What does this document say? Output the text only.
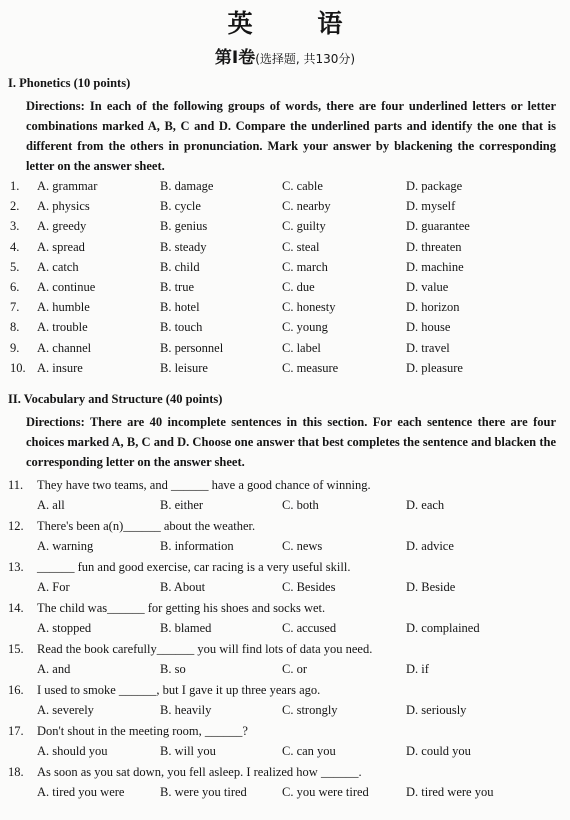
英 语
第Ⅰ卷(选择题, 共130分)
I. Phonetics (10 points)
Directions: In each of the following groups of words, there are four underlined letters or letter combinations marked A, B, C and D. Compare the underlined parts and identify the one that is different from the others in pronunciation. Mark your answer by blackening the corresponding letter on the answer sheet.
1. A. grammar	B. damage	C. cable	D. package
2. A. physics	B. cycle	C. nearby	D. myself
3. A. greedy	B. genius	C. guilty	D. guarantee
4. A. spread	B. steady	C. steal	D. threaten
5. A. catch	B. child	C. march	D. machine
6. A. continue	B. true	C. due	D. value
7. A. humble	B. hotel	C. honesty	D. horizon
8. A. trouble	B. touch	C. young	D. house
9. A. channel	B. personnel	C. label	D. travel
10. A. insure	B. leisure	C. measure	D. pleasure
II. Vocabulary and Structure (40 points)
Directions: There are 40 incomplete sentences in this section. For each sentence there are four choices marked A, B, C and D. Choose one answer that best completes the sentence and blacken the corresponding letter on the answer sheet.
11. They have two teams, and ______ have a good chance of winning.
A. all	B. either	C. both	D. each
12. There's been a(n)______ about the weather.
A. warning	B. information	C. news	D. advice
13. ______ fun and good exercise, car racing is a very useful skill.
A. For	B. About	C. Besides	D. Beside
14. The child was______ for getting his shoes and socks wet.
A. stopped	B. blamed	C. accused	D. complained
15. Read the book carefully______ you will find lots of data you need.
A. and	B. so	C. or	D. if
16. I used to smoke ______, but I gave it up three years ago.
A. severely	B. heavily	C. strongly	D. seriously
17. Don't shout in the meeting room, ______?
A. should you	B. will you	C. can you	D. could you
18. As soon as you sat down, you fell asleep. I realized how ______.
A. tired you were	B. were you tired	C. you were tired	D. tired were you
